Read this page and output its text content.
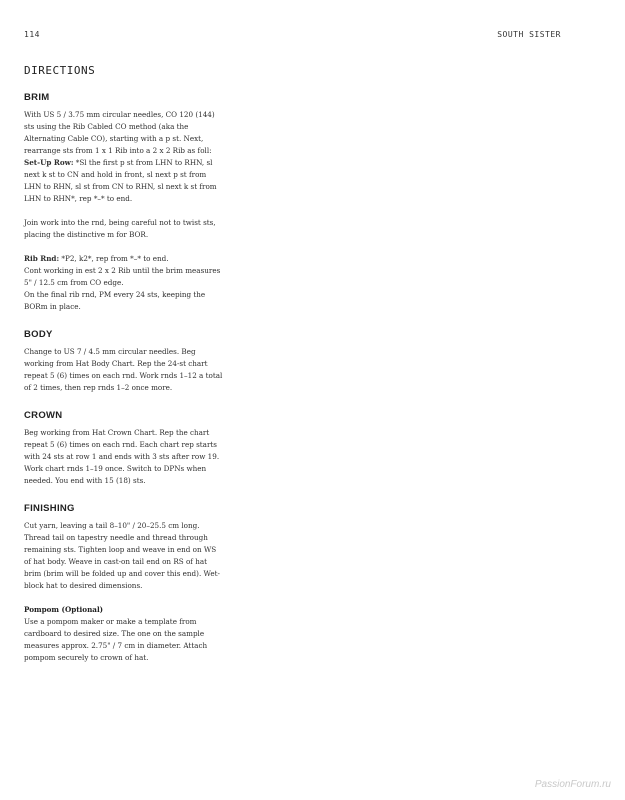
114	SOUTH SISTER
DIRECTIONS
BRIM

With US 5 / 3.75 mm circular needles, CO 120 (144) sts using the Rib Cabled CO method (aka the Alternating Cable CO), starting with a p st. Next, rearrange sts from 1 x 1 Rib into a 2 x 2 Rib as foll:

Set-Up Row: *Sl the first p st from LHN to RHN, sl next k st to CN and hold in front, sl next p st from LHN to RHN, sl st from CN to RHN, sl next k st from LHN to RHN*, rep *–* to end.

Join work into the rnd, being careful not to twist sts, placing the distinctive m for BOR.

Rib Rnd: *P2, k2*, rep from *–* to end.

Cont working in est 2 x 2 Rib until the brim measures 5" / 12.5 cm from CO edge.

On the final rib rnd, PM every 24 sts, keeping the BORm in place.

BODY

Change to US 7 / 4.5 mm circular needles. Beg working from Hat Body Chart. Rep the 24-st chart repeat 5 (6) times on each rnd. Work rnds 1–12 a total of 2 times, then rep rnds 1–2 once more.

CROWN

Beg working from Hat Crown Chart. Rep the chart repeat 5 (6) times on each rnd. Each chart rep starts with 24 sts at row 1 and ends with 3 sts after row 19. Work chart rnds 1–19 once. Switch to DPNs when needed. You end with 15 (18) sts.

FINISHING

Cut yarn, leaving a tail 8–10" / 20–25.5 cm long. Thread tail on tapestry needle and thread through remaining sts. Tighten loop and weave in end on WS of hat body. Weave in cast-on tail end on RS of hat brim (brim will be folded up and cover this end). Wet-block hat to desired dimensions.

Pompom (Optional)

Use a pompom maker or make a template from cardboard to desired size. The one on the sample measures approx. 2.75" / 7 cm in diameter. Attach pompom securely to crown of hat.

PassionForum.ru
